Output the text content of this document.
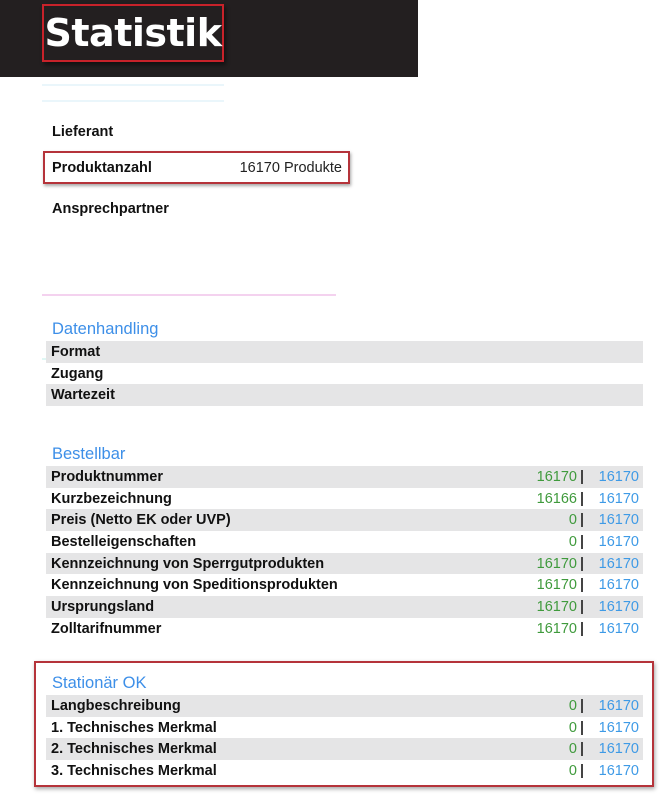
Statistik
Lieferant
Produktanzahl	16170 Produkte
Ansprechpartner
Datenhandling
Format
Zugang
Wartezeit
Bestellbar
Produktnummer	16170 16170
Kurzbezeichnung	16166 16170
Preis (Netto EK oder UVP)	0 16170
Bestelleigenschaften	0 16170
Kennzeichnung von Sperrgutprodukten	16170 16170
Kennzeichnung von Speditionsprodukten	16170 16170
Ursprungsland	16170 16170
Zolltarifnummer	16170 16170
Stationär OK
Langbeschreibung	0 16170
1. Technisches Merkmal	0 16170
2. Technisches Merkmal	0 16170
3. Technisches Merkmal	0 16170
